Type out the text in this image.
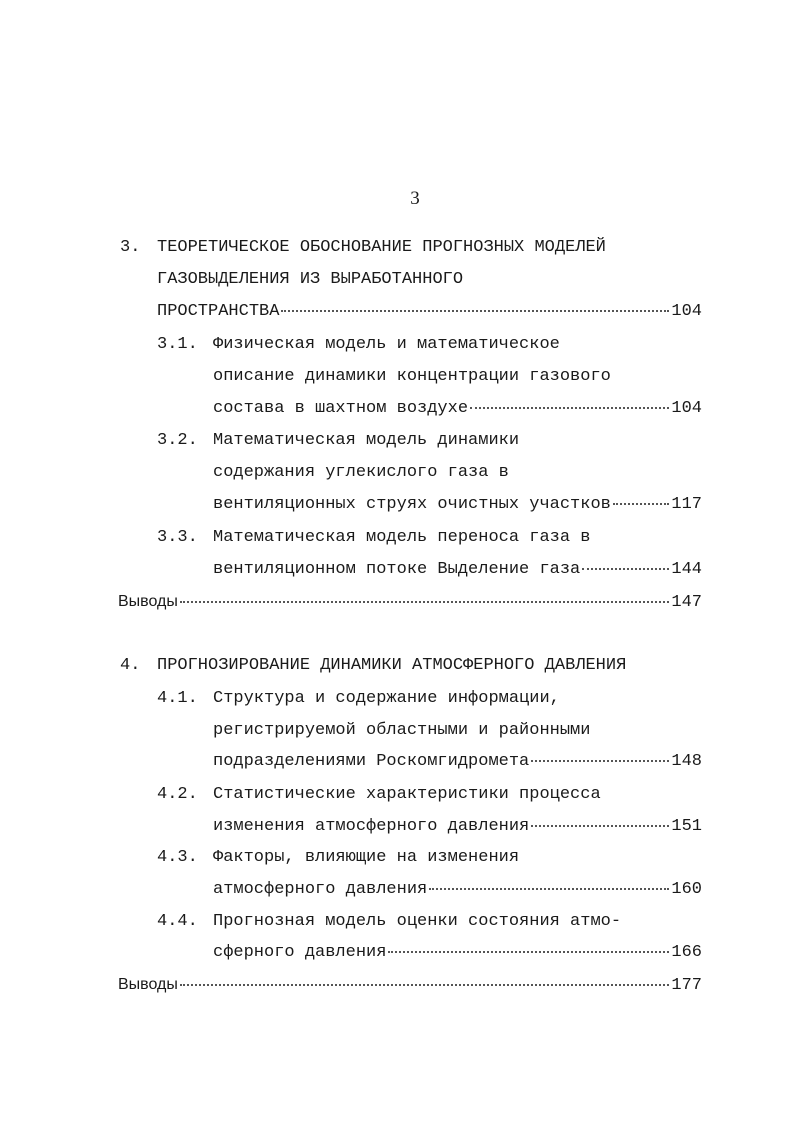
3
3. ТЕОРЕТИЧЕСКОЕ ОБОСНОВАНИЕ ПРОГНОЗНЫХ МОДЕЛЕЙ
ГАЗОВЫДЕЛЕНИЯ ИЗ ВЫРАБОТАННОГО
ПРОСТРАНСТВА	104
3.1. Физическая модель и математическое
описание динамики концентрации газового
состава в шахтном воздухе	104
3.2. Математическая модель динамики
содержания углекислого газа в
вентиляционных струях очистных участков	117
3.3. Математическая модель переноса газа в
вентиляционном потоке Выделение газа	144
Выводы	147
4. ПРОГНОЗИРОВАНИЕ ДИНАМИКИ АТМОСФЕРНОГО ДАВЛЕНИЯ
4.1. Структура и содержание информации,
регистрируемой областными и районными
подразделениями Роскомгидромета	148
4.2. Статистические характеристики процесса
изменения атмосферного давления	151
4.3. Факторы, влияющие на изменения
атмосферного давления	160
4.4. Прогнозная модель оценки состояния атмо-
сферного давления	166
Выводы	177
